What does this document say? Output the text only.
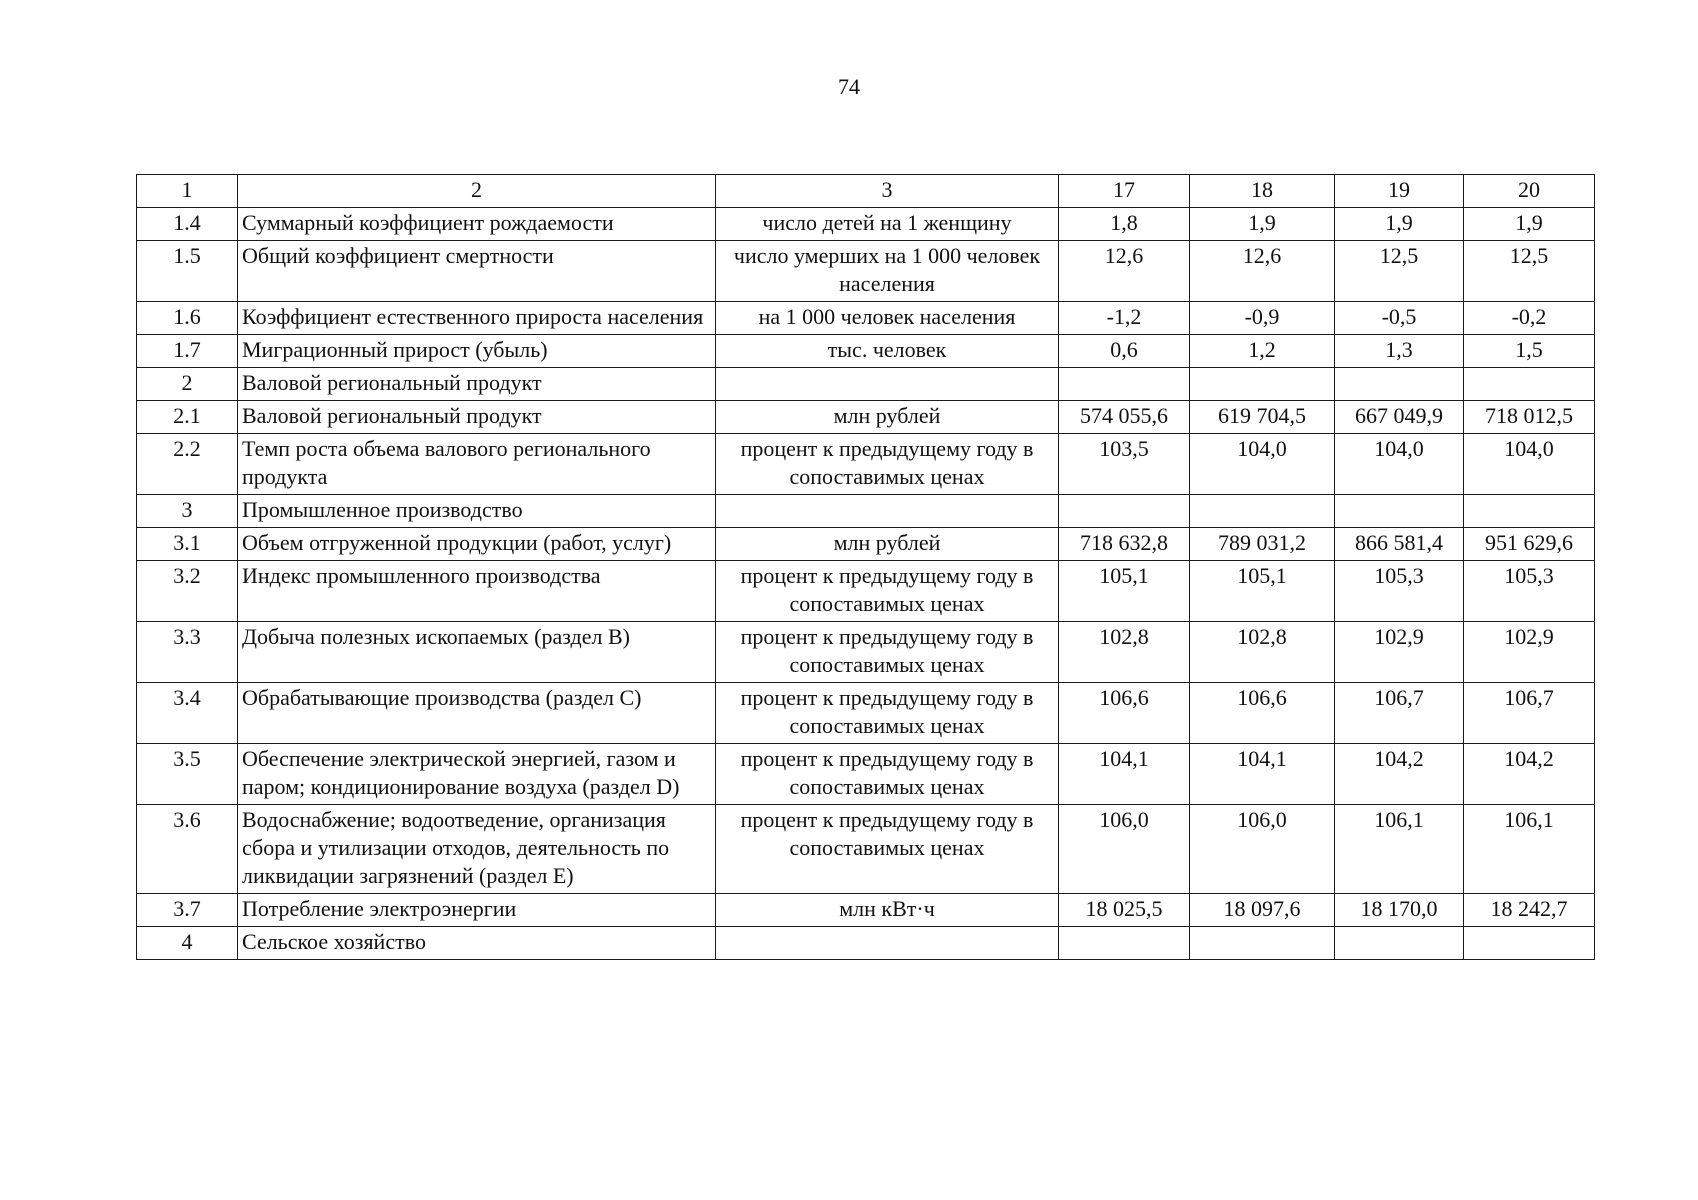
74
1	2	3	17	18	19	20
1.4	Суммарный коэффициент рождаемости	число детей на 1 женщину	1,8	1,9	1,9	1,9
1.5	Общий коэффициент смертности	число умерших на 1 000 человек населения	12,6	12,6	12,5	12,5
1.6	Коэффициент естественного прироста населения	на 1 000 человек населения	-1,2	-0,9	-0,5	-0,2
1.7	Миграционный прирост (убыль)	тыс. человек	0,6	1,2	1,3	1,5
2	Валовой региональный продукт					
2.1	Валовой региональный продукт	млн рублей	574 055,6	619 704,5	667 049,9	718 012,5
2.2	Темп роста объема валового регионального продукта	процент к предыдущему году в сопоставимых ценах	103,5	104,0	104,0	104,0
3	Промышленное производство					
3.1	Объем отгруженной продукции (работ, услуг)	млн рублей	718 632,8	789 031,2	866 581,4	951 629,6
3.2	Индекс промышленного производства	процент к предыдущему году в сопоставимых ценах	105,1	105,1	105,3	105,3
3.3	Добыча полезных ископаемых (раздел B)	процент к предыдущему году в сопоставимых ценах	102,8	102,8	102,9	102,9
3.4	Обрабатывающие производства (раздел C)	процент к предыдущему году в сопоставимых ценах	106,6	106,6	106,7	106,7
3.5	Обеспечение электрической энергией, газом и паром; кондиционирование воздуха (раздел D)	процент к предыдущему году в сопоставимых ценах	104,1	104,1	104,2	104,2
3.6	Водоснабжение; водоотведение, организация сбора и утилизации отходов, деятельность по ликвидации загрязнений (раздел E)	процент к предыдущему году в сопоставимых ценах	106,0	106,0	106,1	106,1
3.7	Потребление электроэнергии	млн кВт·ч	18 025,5	18 097,6	18 170,0	18 242,7
4	Сельское хозяйство					
